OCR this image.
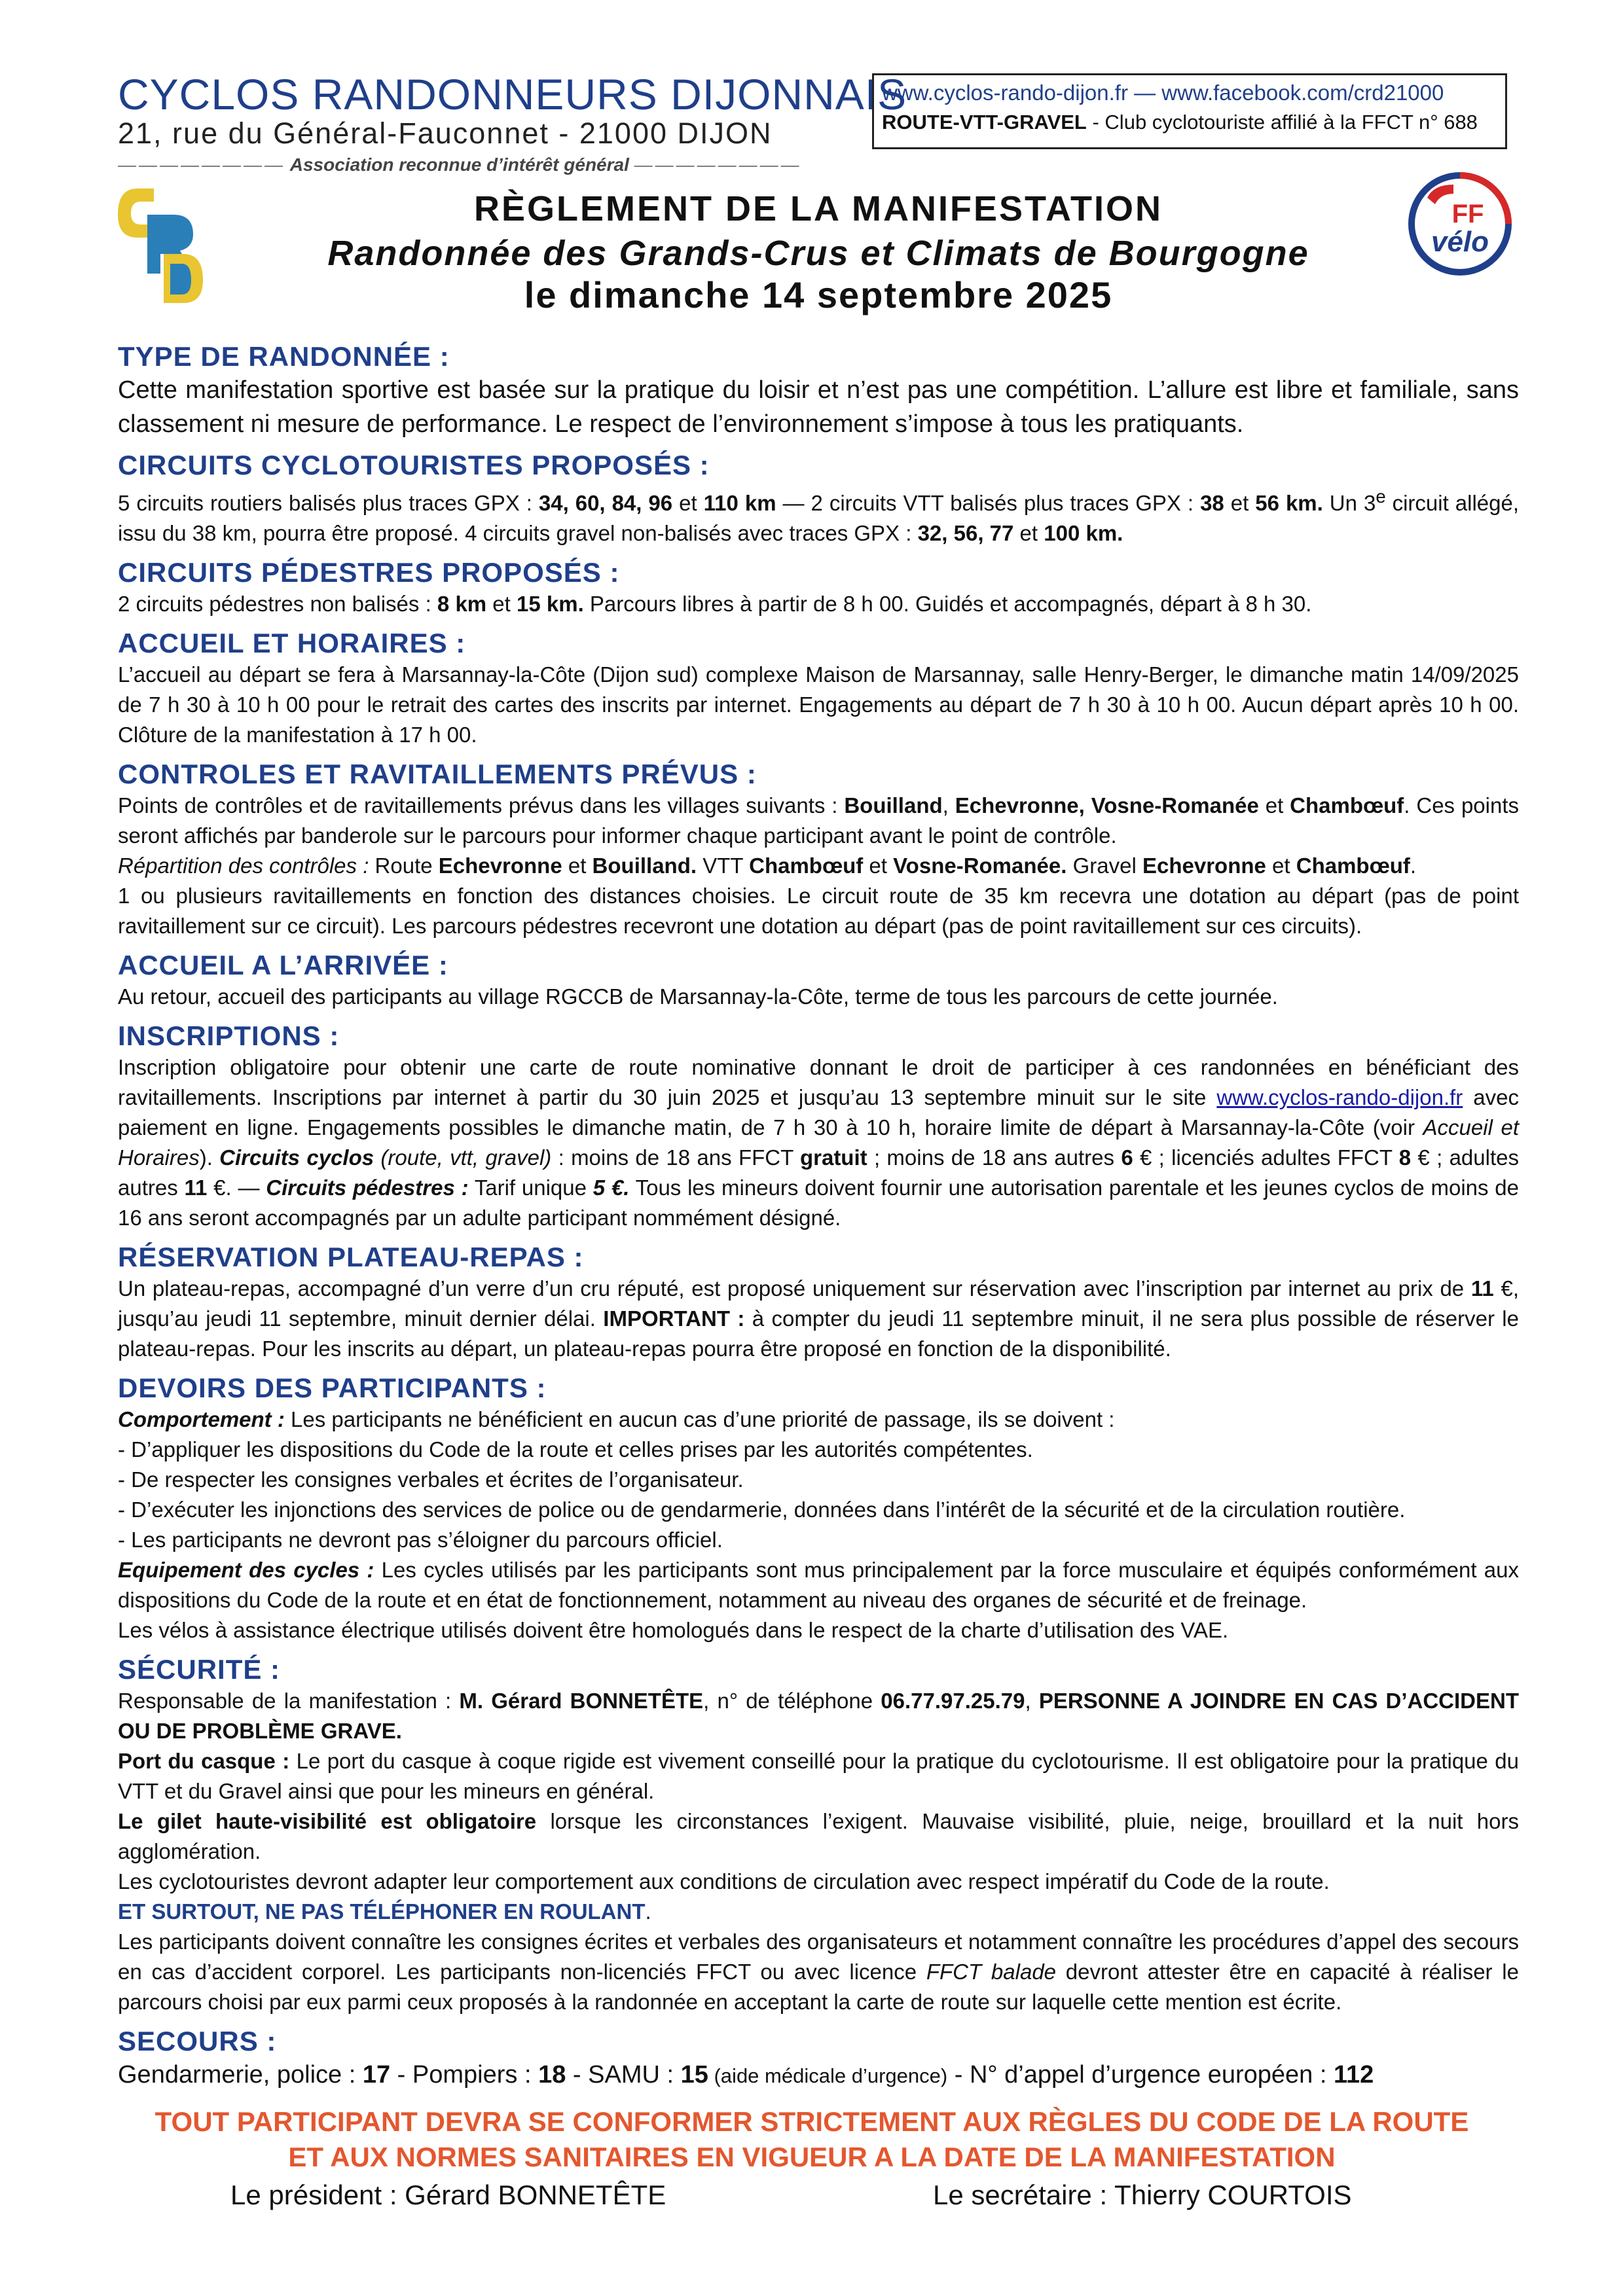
CYCLOS RANDONNEURS DIJONNAIS
21, rue du Général-Fauconnet - 21000 DIJON
———————— Association reconnue d’intérêt général ————————
www.cyclos-rando-dijon.fr — www.facebook.com/crd21000
ROUTE-VTT-GRAVEL - Club cyclotouriste affilié à la FFCT n° 688
CRD
FF
vélo
RÈGLEMENT DE LA MANIFESTATION
Randonnée des Grands-Crus et Climats de Bourgogne
le dimanche 14 septembre 2025
TYPE DE RANDONNÉE :
Cette manifestation sportive est basée sur la pratique du loisir et n’est pas une compétition. L’allure est libre et familiale, sans classement ni mesure de performance. Le respect de l’environnement s’impose à tous les pratiquants.
CIRCUITS CYCLOTOURISTES PROPOSÉS :
5 circuits routiers balisés plus traces GPX : 34, 60, 84, 96 et 110 km — 2 circuits VTT balisés plus traces GPX : 38 et 56 km. Un 3e circuit allégé, issu du 38 km, pourra être proposé. 4 circuits gravel non-balisés avec traces GPX : 32, 56, 77 et 100 km.
CIRCUITS PÉDESTRES PROPOSÉS :
2 circuits pédestres non balisés : 8 km et 15 km. Parcours libres à partir de 8 h 00. Guidés et accompagnés, départ à 8 h 30.
ACCUEIL ET HORAIRES :
L’accueil au départ se fera à Marsannay-la-Côte (Dijon sud) complexe Maison de Marsannay, salle Henry-Berger, le dimanche matin 14/09/2025 de 7 h 30 à 10 h 00 pour le retrait des cartes des inscrits par internet. Engagements au départ de 7 h 30 à 10 h 00. Aucun départ après 10 h 00. Clôture de la manifestation à 17 h 00.
CONTROLES ET RAVITAILLEMENTS PRÉVUS :
Points de contrôles et de ravitaillements prévus dans les villages suivants : Bouilland, Echevronne, Vosne-Romanée et Chambœuf. Ces points seront affichés par banderole sur le parcours pour informer chaque participant avant le point de contrôle.
Répartition des contrôles : Route Echevronne et Bouilland. VTT Chambœuf et Vosne-Romanée. Gravel Echevronne et Chambœuf.
1 ou plusieurs ravitaillements en fonction des distances choisies. Le circuit route de 35 km recevra une dotation au départ (pas de point ravitaillement sur ce circuit). Les parcours pédestres recevront une dotation au départ (pas de point ravitaillement sur ces circuits).
ACCUEIL A L’ARRIVÉE :
Au retour, accueil des participants au village RGCCB de Marsannay-la-Côte, terme de tous les parcours de cette journée.
INSCRIPTIONS :
Inscription obligatoire pour obtenir une carte de route nominative donnant le droit de participer à ces randonnées en bénéficiant des ravitaillements. Inscriptions par internet à partir du 30 juin 2025 et jusqu’au 13 septembre minuit sur le site www.cyclos-rando-dijon.fr avec paiement en ligne. Engagements possibles le dimanche matin, de 7 h 30 à 10 h, horaire limite de départ à Marsannay-la-Côte (voir Accueil et Horaires). Circuits cyclos (route, vtt, gravel) : moins de 18 ans FFCT gratuit ; moins de 18 ans autres 6 € ; licenciés adultes FFCT 8 € ; adultes autres 11 €. — Circuits pédestres : Tarif unique 5 €. Tous les mineurs doivent fournir une autorisation parentale et les jeunes cyclos de moins de 16 ans seront accompagnés par un adulte participant nommément désigné.
RÉSERVATION PLATEAU-REPAS :
Un plateau-repas, accompagné d’un verre d’un cru réputé, est proposé uniquement sur réservation avec l’inscription par internet au prix de 11 €, jusqu’au jeudi 11 septembre, minuit dernier délai. IMPORTANT : à compter du jeudi 11 septembre minuit, il ne sera plus possible de réserver le plateau-repas. Pour les inscrits au départ, un plateau-repas pourra être proposé en fonction de la disponibilité.
DEVOIRS DES PARTICIPANTS :
Comportement : Les participants ne bénéficient en aucun cas d’une priorité de passage, ils se doivent :
- D’appliquer les dispositions du Code de la route et celles prises par les autorités compétentes.
- De respecter les consignes verbales et écrites de l’organisateur.
- D’exécuter les injonctions des services de police ou de gendarmerie, données dans l’intérêt de la sécurité et de la circulation routière.
- Les participants ne devront pas s’éloigner du parcours officiel.
Equipement des cycles : Les cycles utilisés par les participants sont mus principalement par la force musculaire et équipés conformément aux dispositions du Code de la route et en état de fonctionnement, notamment au niveau des organes de sécurité et de freinage.
Les vélos à assistance électrique utilisés doivent être homologués dans le respect de la charte d’utilisation des VAE.
SÉCURITÉ :
Responsable de la manifestation : M. Gérard BONNETÊTE, n° de téléphone 06.77.97.25.79, PERSONNE A JOINDRE EN CAS D’ACCIDENT OU DE PROBLÈME GRAVE.
Port du casque : Le port du casque à coque rigide est vivement conseillé pour la pratique du cyclotourisme. Il est obligatoire pour la pratique du VTT et du Gravel ainsi que pour les mineurs en général.
Le gilet haute-visibilité est obligatoire lorsque les circonstances l’exigent. Mauvaise visibilité, pluie, neige, brouillard et la nuit hors agglomération.
Les cyclotouristes devront adapter leur comportement aux conditions de circulation avec respect impératif du Code de la route.
ET SURTOUT, NE PAS TÉLÉPHONER EN ROULANT.
Les participants doivent connaître les consignes écrites et verbales des organisateurs et notamment connaître les procédures d’appel des secours en cas d’accident corporel. Les participants non-licenciés FFCT ou avec licence FFCT balade devront attester être en capacité à réaliser le parcours choisi par eux parmi ceux proposés à la randonnée en acceptant la carte de route sur laquelle cette mention est écrite.
SECOURS :
Gendarmerie, police : 17 - Pompiers : 18 - SAMU : 15 (aide médicale d’urgence) - N° d’appel d’urgence européen : 112
TOUT PARTICIPANT DEVRA SE CONFORMER STRICTEMENT AUX RÈGLES DU CODE DE LA ROUTE
ET AUX NORMES SANITAIRES EN VIGUEUR A LA DATE DE LA MANIFESTATION
Le président : Gérard BONNETÊTE	Le secrétaire : Thierry COURTOIS
